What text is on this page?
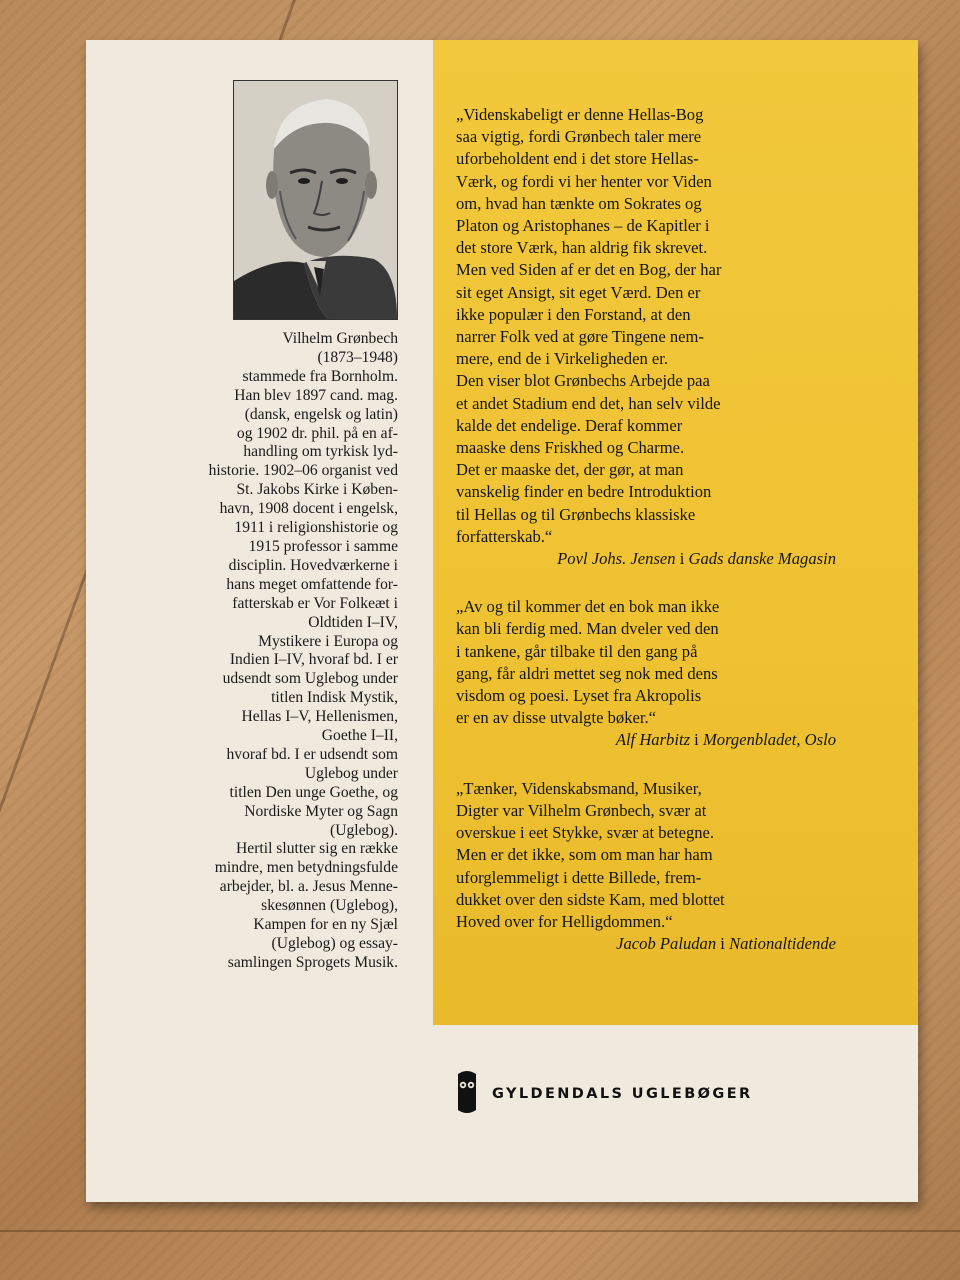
Vilhelm Grønbech

(1873–1948)

stammede fra Bornholm.
Han blev 1897 cand. mag.
(dansk, engelsk og latin)
og 1902 dr. phil. på en af-
handling om tyrkisk lyd-
historie. 1902–06 organist ved
St. Jakobs Kirke i Køben-
havn, 1908 docent i engelsk,
1911 i religionshistorie og
1915 professor i samme
disciplin. Hovedværkerne i
hans meget omfattende for-
fatterskab er Vor Folkeæt i
Oldtiden I–IV,
Mystikere i Europa og
Indien I–IV, hvoraf bd. I er
udsendt som Uglebog under
titlen Indisk Mystik,
Hellas I–V, Hellenismen,
Goethe I–II,
hvoraf bd. I er udsendt som
Uglebog under
titlen Den unge Goethe, og
Nordiske Myter og Sagn
(Uglebog).
Hertil slutter sig en række
mindre, men betydningsfulde
arbejder, bl. a. Jesus Menne-
skesønnen (Uglebog),
Kampen for en ny Sjæl
(Uglebog) og essay-
samlingen Sprogets Musik.
„Videnskabeligt er denne Hellas-Bog
saa vigtig, fordi Grønbech taler mere
uforbeholdent end i det store Hellas-
Værk, og fordi vi her henter vor Viden
om, hvad han tænkte om Sokrates og
Platon og Aristophanes – de Kapitler i
det store Værk, han aldrig fik skrevet.
Men ved Siden af er det en Bog, der har
sit eget Ansigt, sit eget Værd. Den er
ikke populær i den Forstand, at den
narrer Folk ved at gøre Tingene nem-
mere, end de i Virkeligheden er.
Den viser blot Grønbechs Arbejde paa
et andet Stadium end det, han selv vilde
kalde det endelige. Deraf kommer
maaske dens Friskhed og Charme.
Det er maaske det, der gør, at man
vanskelig finder en bedre Introduktion
til Hellas og til Grønbechs klassiske
forfatterskab.“
Povl Johs. Jensen i Gads danske Magasin
„Av og til kommer det en bok man ikke
kan bli ferdig med. Man dveler ved den
i tankene, går tilbake til den gang på
gang, får aldri mettet seg nok med dens
visdom og poesi. Lyset fra Akropolis
er en av disse utvalgte bøker.“
Alf Harbitz i Morgenbladet, Oslo
„Tænker, Videnskabsmand, Musiker,
Digter var Vilhelm Grønbech, svær at
overskue i eet Stykke, svær at betegne.
Men er det ikke, som om man har ham
uforglemmeligt i dette Billede, frem-
dukket over den sidste Kam, med blottet
Hoved over for Helligdommen.“
Jacob Paludan i Nationaltidende
GYLDENDALS UGLEBØGER
